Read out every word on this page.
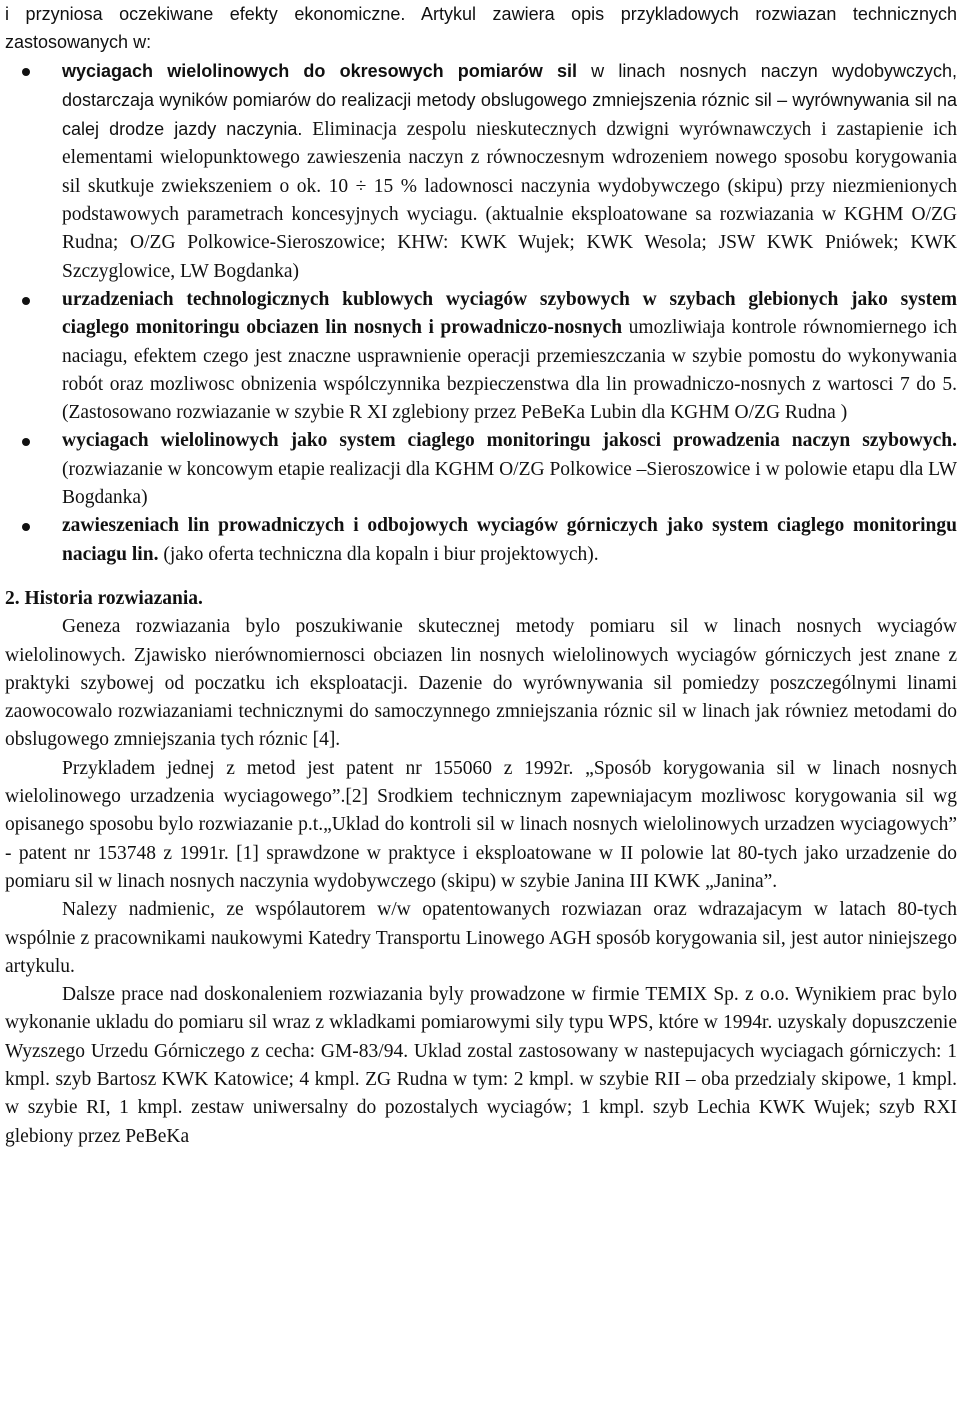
i przyniosa oczekiwane efekty ekonomiczne. Artykul zawiera opis przykladowych rozwiazan technicznych zastosowanych w:

wyciagach wielolinowych do okresowych pomiarów sil w linach nosnych naczyn wydobywczych, dostarczaja wyników pomiarów do realizacji metody obslugowego zmniejszenia róznic sil – wyrównywania sil na calej drodze jazdy naczynia. Eliminacja zespolu nieskutecznych dzwigni wyrównawczych i zastapienie ich elementami wielopunktowego zawieszenia naczyn z równoczesnym wdrozeniem nowego sposobu korygowania sil skutkuje zwiekszeniem o ok. 10 ÷ 15 % ladownosci naczynia wydobywczego (skipu) przy niezmienionych podstawowych parametrach koncesyjnych wyciagu. (aktualnie eksploatowane sa rozwiazania w KGHM O/ZG Rudna; O/ZG Polkowice-Sieroszowice; KHW: KWK Wujek; KWK Wesola; JSW KWK Pniówek; KWK Szczyglowice, LW Bogdanka)
urzadzeniach technologicznych kublowych wyciagów szybowych w szybach glebionych jako system ciaglego monitoringu obciazen lin nosnych i prowadniczo-nosnych umozliwiaja kontrole równomiernego ich naciagu, efektem czego jest znaczne usprawnienie operacji przemieszczania w szybie pomostu do wykonywania robót oraz mozliwosc obnizenia wspólczynnika bezpieczenstwa dla lin prowadniczo-nosnych z wartosci 7 do 5. (Zastosowano rozwiazanie w szybie R XI zglebiony przez PeBeKa Lubin dla KGHM O/ZG Rudna )
wyciagach wielolinowych jako system ciaglego monitoringu jakosci prowadzenia naczyn szybowych. (rozwiazanie w koncowym etapie realizacji dla KGHM O/ZG Polkowice –Sieroszowice i w polowie etapu dla LW Bogdanka)
zawieszeniach lin prowadniczych i odbojowych wyciagów górniczych jako system ciaglego monitoringu naciagu lin. (jako oferta techniczna dla kopaln i biur projektowych).

2. Historia rozwiazania.

Geneza rozwiazania bylo poszukiwanie skutecznej metody pomiaru sil w linach nosnych wyciagów wielolinowych. Zjawisko nierównomiernosci obciazen lin nosnych wielolinowych wyciagów górniczych jest znane z praktyki szybowej od poczatku ich eksploatacji. Dazenie do wyrównywania sil pomiedzy poszczególnymi linami zaowocowalo rozwiazaniami technicznymi do samoczynnego zmniejszania róznic sil w linach jak równiez metodami do obslugowego zmniejszania tych róznic [4].

Przykladem jednej z metod jest patent nr 155060 z 1992r. „Sposób korygowania sil w linach nosnych wielolinowego urzadzenia wyciagowego”.[2] Srodkiem technicznym zapewniajacym mozliwosc korygowania sil wg opisanego sposobu bylo rozwiazanie p.t.„Uklad do kontroli sil w linach nosnych wielolinowych urzadzen wyciagowych” - patent nr 153748 z 1991r. [1] sprawdzone w praktyce i eksploatowane w II polowie lat 80-tych jako urzadzenie do pomiaru sil w linach nosnych naczynia wydobywczego (skipu) w szybie Janina III KWK „Janina”.

Nalezy nadmienic, ze wspólautorem w/w opatentowanych rozwiazan oraz wdrazajacym w latach 80-tych wspólnie z pracownikami naukowymi Katedry Transportu Linowego AGH sposób korygowania sil, jest autor niniejszego artykulu.

Dalsze prace nad doskonaleniem rozwiazania byly prowadzone w firmie TEMIX Sp. z o.o. Wynikiem prac bylo wykonanie ukladu do pomiaru sil wraz z wkladkami pomiarowymi sily typu WPS, które w 1994r. uzyskaly dopuszczenie Wyzszego Urzedu Górniczego z cecha: GM-83/94. Uklad zostal zastosowany w nastepujacych wyciagach górniczych: 1 kmpl. szyb Bartosz KWK Katowice; 4 kmpl. ZG Rudna w tym: 2 kmpl. w szybie RII – oba przedzialy skipowe, 1 kmpl. w szybie RI, 1 kmpl. zestaw uniwersalny do pozostalych wyciagów; 1 kmpl. szyb Lechia KWK Wujek; szyb RXI glebiony przez PeBeKa
